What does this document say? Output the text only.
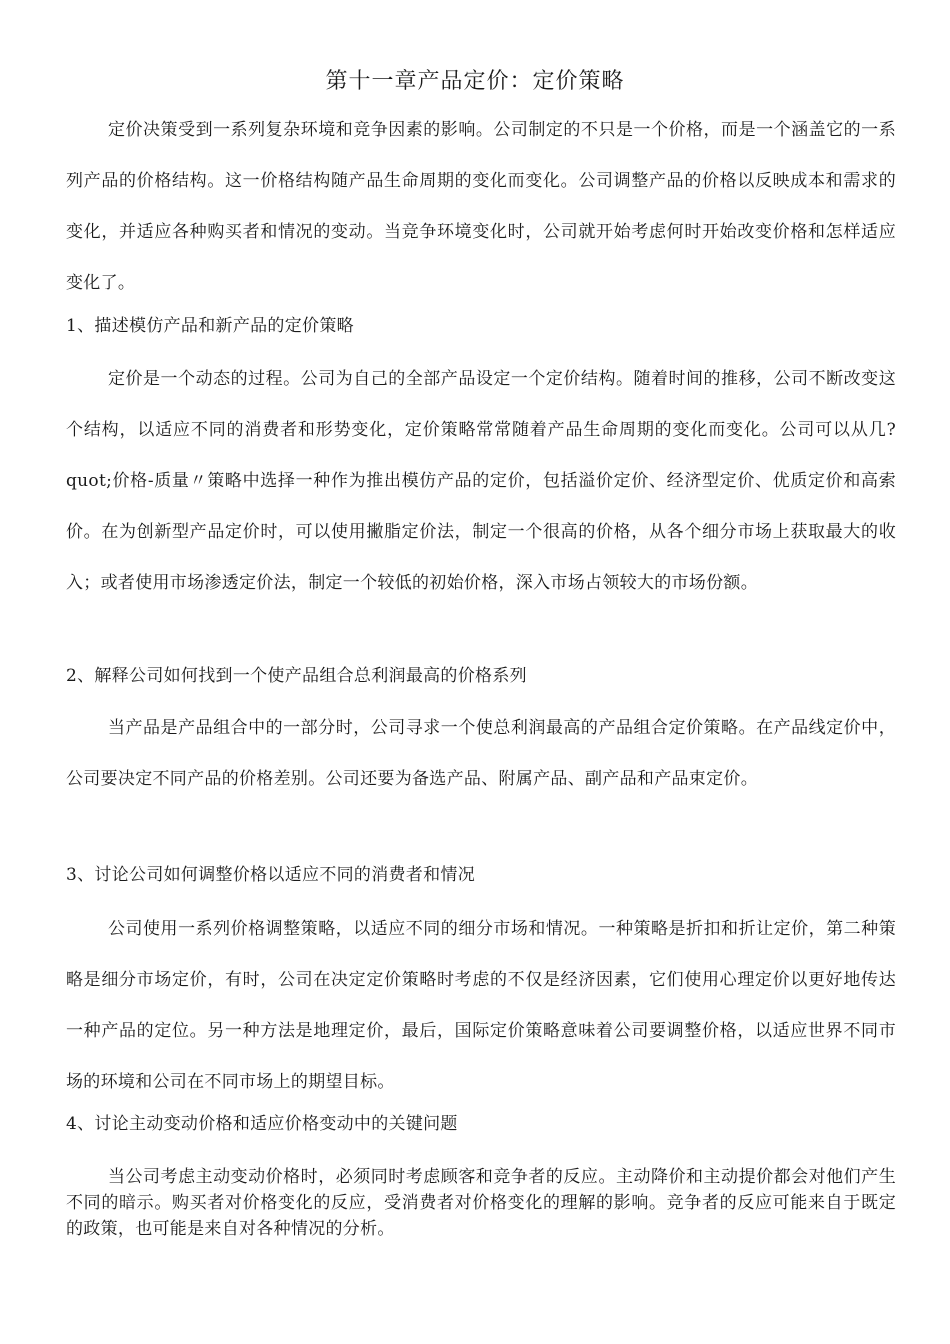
第十一章产品定价：定价策略

定价决策受到一系列复杂环境和竞争因素的影响。公司制定的不只是一个价格，而是一个涵盖它的一系列产品的价格结构。这一价格结构随产品生命周期的变化而变化。公司调整产品的价格以反映成本和需求的变化，并适应各种购买者和情况的变动。当竞争环境变化时，公司就开始考虑何时开始改变价格和怎样适应变化了。

1、描述模仿产品和新产品的定价策略

定价是一个动态的过程。公司为自己的全部产品设定一个定价结构。随着时间的推移，公司不断改变这个结构，以适应不同的消费者和形势变化，定价策略常常随着产品生命周期的变化而变化。公司可以从几?quot;价格-质量〃策略中选择一种作为推出模仿产品的定价，包括溢价定价、经济型定价、优质定价和高索价。在为创新型产品定价时，可以使用撇脂定价法，制定一个很高的价格，从各个细分市场上获取最大的收入；或者使用市场渗透定价法，制定一个较低的初始价格，深入市场占领较大的市场份额。

2、解释公司如何找到一个使产品组合总利润最高的价格系列

当产品是产品组合中的一部分时，公司寻求一个使总利润最高的产品组合定价策略。在产品线定价中，公司要决定不同产品的价格差别。公司还要为备选产品、附属产品、副产品和产品束定价。

3、讨论公司如何调整价格以适应不同的消费者和情况

公司使用一系列价格调整策略，以适应不同的细分市场和情况。一种策略是折扣和折让定价，第二种策略是细分市场定价，有时，公司在决定定价策略时考虑的不仅是经济因素，它们使用心理定价以更好地传达一种产品的定位。另一种方法是地理定价，最后，国际定价策略意味着公司要调整价格，以适应世界不同市场的环境和公司在不同市场上的期望目标。

4、讨论主动变动价格和适应价格变动中的关键问题

当公司考虑主动变动价格时，必须同时考虑顾客和竞争者的反应。主动降价和主动提价都会对他们产生不同的暗示。购买者对价格变化的反应，受消费者对价格变化的理解的影响。竞争者的反应可能来自于既定的政策，也可能是来自对各种情况的分析。
